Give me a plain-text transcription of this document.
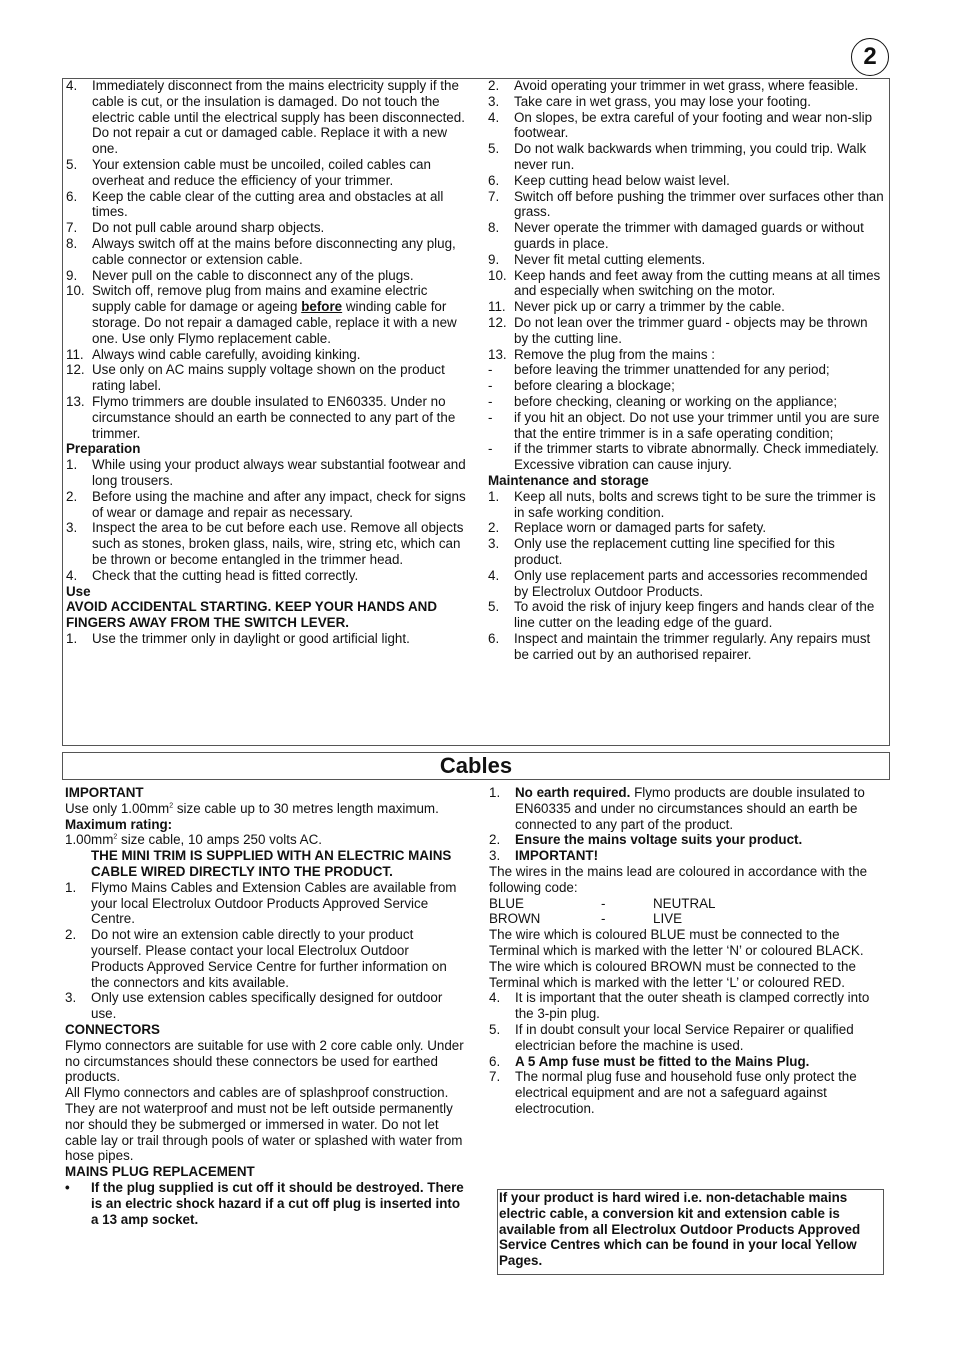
2
4. Immediately disconnect from the mains electricity supply if the cable is cut, or the insulation is damaged. Do not touch the electric cable until the electrical supply has been disconnected. Do not repair a cut or damaged cable. Replace it with a new one.
5. Your extension cable must be uncoiled, coiled cables can overheat and reduce the efficiency of your trimmer.
6. Keep the cable clear of the cutting area and obstacles at all times.
7. Do not pull cable around sharp objects.
8. Always switch off at the mains before disconnecting any plug, cable connector or extension cable.
9. Never pull on the cable to disconnect any of the plugs.
10. Switch off, remove plug from mains and examine electric supply cable for damage or ageing before winding cable for storage. Do not repair a damaged cable, replace it with a new one. Use only Flymo replacement cable.
11. Always wind cable carefully, avoiding kinking.
12. Use only on AC mains supply voltage shown on the product rating label.
13. Flymo trimmers are double insulated to EN60335. Under no circumstance should an earth be connected to any part of the trimmer.
Preparation
1. While using your product always wear substantial footwear and long trousers.
2. Before using the machine and after any impact, check for signs of wear or damage and repair as necessary.
3. Inspect the area to be cut before each use. Remove all objects such as stones, broken glass, nails, wire, string etc, which can be thrown or become entangled in the trimmer head.
4. Check that the cutting head is fitted correctly.
Use
AVOID ACCIDENTAL STARTING. KEEP YOUR HANDS AND FINGERS AWAY FROM THE SWITCH LEVER.
1. Use the trimmer only in daylight or good artificial light.
2. Avoid operating your trimmer in wet grass, where feasible.
3. Take care in wet grass, you may lose your footing.
4. On slopes, be extra careful of your footing and wear non-slip footwear.
5. Do not walk backwards when trimming, you could trip. Walk never run.
6. Keep cutting head below waist level.
7. Switch off before pushing the trimmer over surfaces other than grass.
8. Never operate the trimmer with damaged guards or without guards in place.
9. Never fit metal cutting elements.
10. Keep hands and feet away from the cutting means at all times and especially when switching on the motor.
11. Never pick up or carry a trimmer by the cable.
12. Do not lean over the trimmer guard - objects may be thrown by the cutting line.
13. Remove the plug from the mains :
- before leaving the trimmer unattended for any period;
- before clearing a blockage;
- before checking, cleaning or working on the appliance;
- if you hit an object. Do not use your trimmer until you are sure that the entire trimmer is in a safe operating condition;
- if the trimmer starts to vibrate abnormally. Check immediately. Excessive vibration can cause injury.
Maintenance and storage
1. Keep all nuts, bolts and screws tight to be sure the trimmer is in safe working condition.
2. Replace worn or damaged parts for safety.
3. Only use the replacement cutting line specified for this product.
4. Only use replacement parts and accessories recommended by Electrolux Outdoor Products.
5. To avoid the risk of injury keep fingers and hands clear of the line cutter on the leading edge of the guard.
6. Inspect and maintain the trimmer regularly. Any repairs must be carried out by an authorised repairer.
Cables
IMPORTANT
Use only $1.00mm^2$ size cable up to 30 metres length maximum.
Maximum rating:
$1.00mm^2$ size cable, 10 amps 250 volts AC.
THE MINI TRIM IS SUPPLIED WITH AN ELECTRIC MAINS CABLE WIRED DIRECTLY INTO THE PRODUCT.
1. Flymo Mains Cables and Extension Cables are available from your local Electrolux Outdoor Products Approved Service Centre.
2. Do not wire an extension cable directly to your product yourself. Please contact your local Electrolux Outdoor Products Approved Service Centre for further information on the connectors and kits available.
3. Only use extension cables specifically designed for outdoor use.
CONNECTORS
Flymo connectors are suitable for use with 2 core cable only. Under no circumstances should these connectors be used for earthed products.
All Flymo connectors and cables are of splashproof construction. They are not waterproof and must not be left outside permanently nor should they be submerged or immersed in water. Do not let cable lay or trail through pools of water or splashed with water from hose pipes.
MAINS PLUG REPLACEMENT
• If the plug supplied is cut off it should be destroyed. There is an electric shock hazard if a cut off plug is inserted into a 13 amp socket.
1. No earth required. Flymo products are double insulated to EN60335 and under no circumstances should an earth be connected to any part of the product.
2. Ensure the mains voltage suits your product.
3. IMPORTANT!
The wires in the mains lead are coloured in accordance with the following code:
BLUE	-	NEUTRAL
BROWN	-	LIVE
The wire which is coloured BLUE must be connected to the Terminal which is marked with the letter ‘N’ or coloured BLACK. The wire which is coloured BROWN must be connected to the Terminal which is marked with the letter ‘L’ or coloured RED.
4. It is important that the outer sheath is clamped correctly into the 3-pin plug.
5. If in doubt consult your local Service Repairer or qualified electrician before the machine is used.
6. A 5 Amp fuse must be fitted to the Mains Plug.
7. The normal plug fuse and household fuse only protect the electrical equipment and are not a safeguard against electrocution.
If your product is hard wired i.e. non-detachable mains electric cable, a conversion kit and extension cable is available from all Electrolux Outdoor Products Approved Service Centres which can be found in your local Yellow Pages.
